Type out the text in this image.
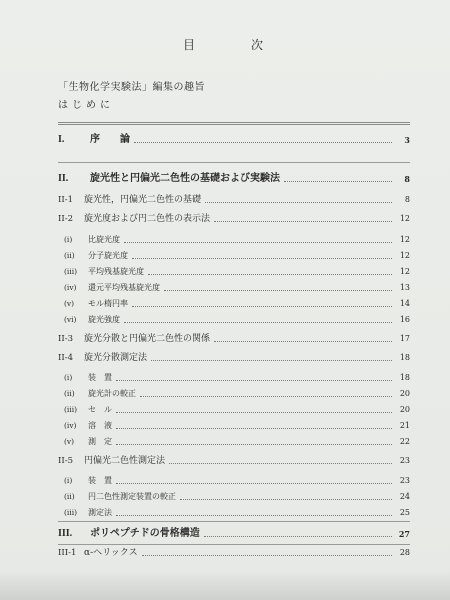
目　次
「生物化学実験法」編集の趣旨
はじめに
I.	序　　論	3
II.	旋光性と円偏光二色性の基礎および実験法	8
II-1	旋光性，円偏光二色性の基礎	8
II-2	旋光度および円二色性の表示法	12
(i)	比旋光度	12
(ii)	分子旋光度	12
(iii)	平均残基旋光度	12
(iv)	還元平均残基旋光度	13
(v)	モル楕円率	14
(vi)	旋光強度	16
II-3	旋光分散と円偏光二色性の関係	17
II-4	旋光分散測定法	18
(i)	装　置	18
(ii)	旋光計の較正	20
(iii)	セ　ル	20
(iv)	溶　液	21
(v)	測　定	22
II-5	円偏光二色性測定法	23
(i)	装　置	23
(ii)	円二色性測定装置の較正	24
(iii)	測定法	25
III.	ポリペプチドの骨格構造	27
III-1 α-ヘリックス	28
